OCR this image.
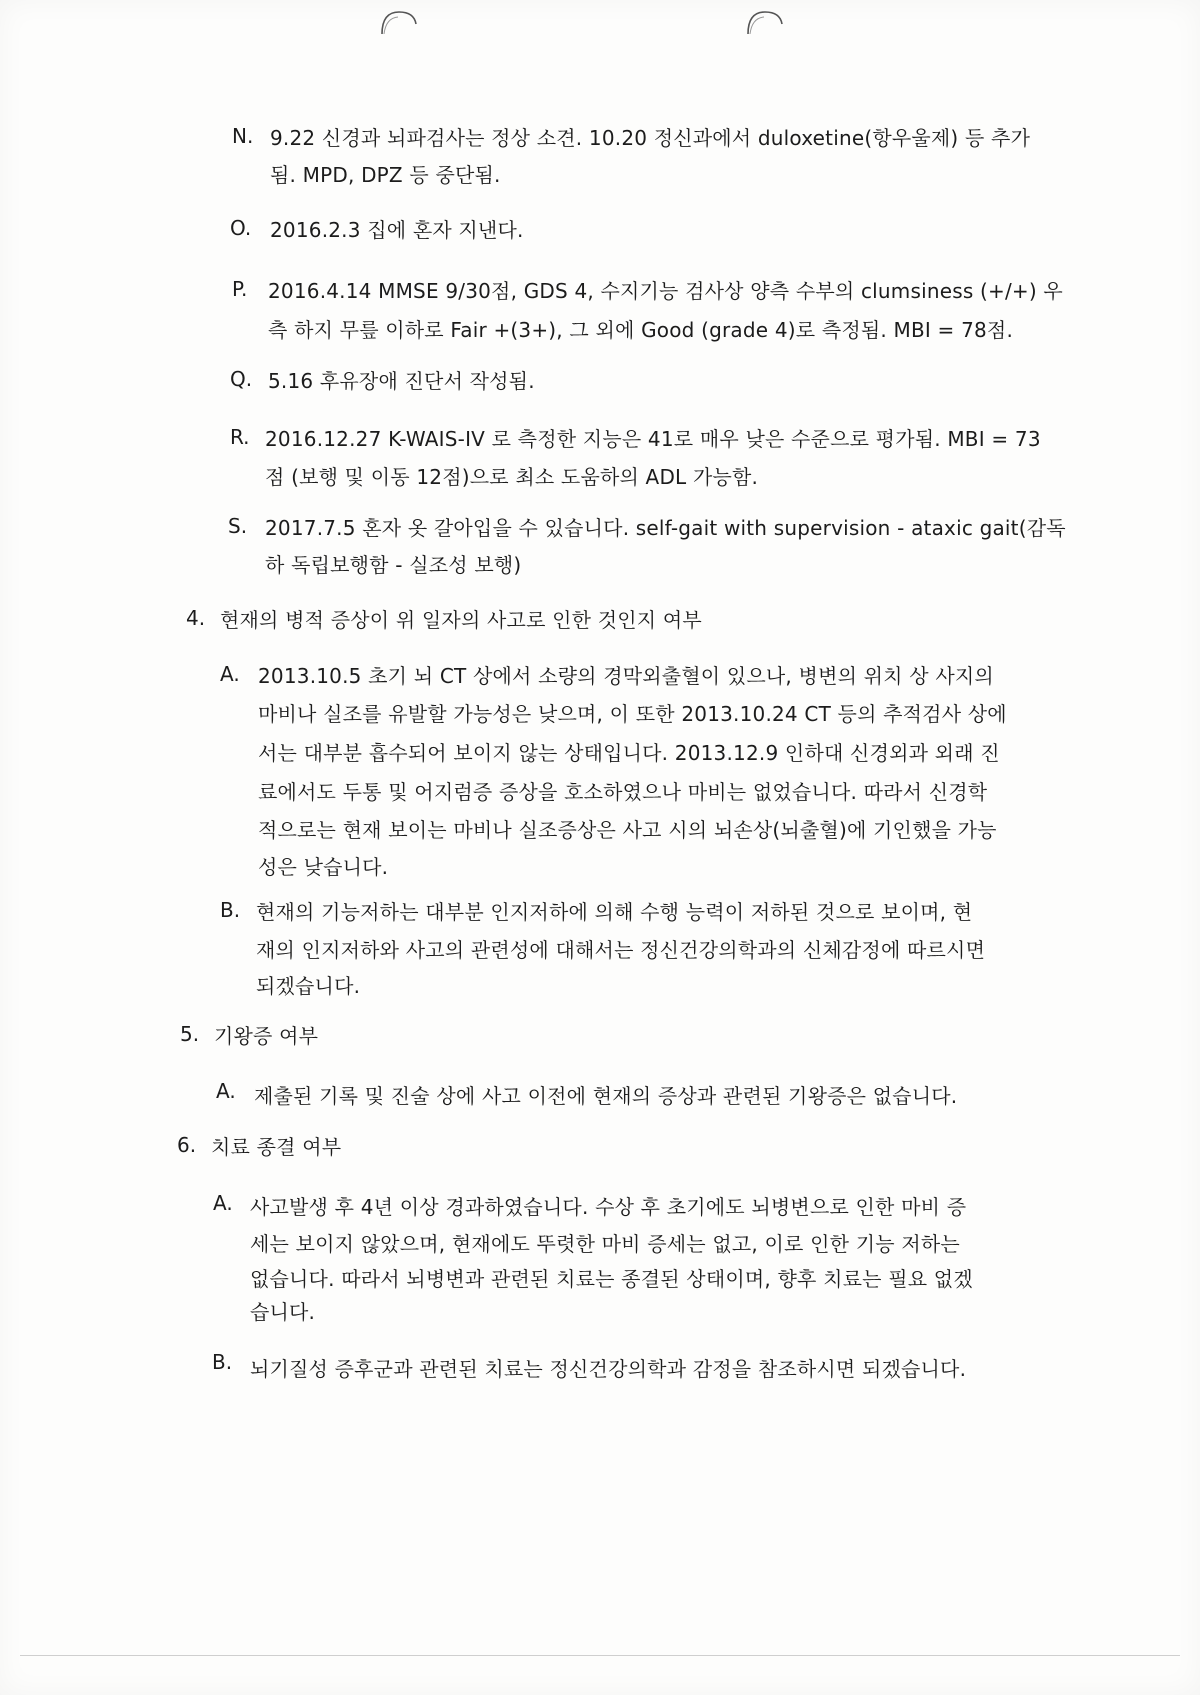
N. 9.22 신경과 뇌파검사는 정상 소견. 10.20 정신과에서 duloxetine(항우울제) 등 추가
됨. MPD, DPZ 등 중단됨.
O. 2016.2.3 집에 혼자 지낸다.
P. 2016.4.14 MMSE 9/30점, GDS 4, 수지기능 검사상 양측 수부의 clumsiness (+/+) 우
측 하지 무릎 이하로 Fair +(3+), 그 외에 Good (grade 4)로 측정됨. MBI = 78점.
Q. 5.16 후유장애 진단서 작성됨.
R. 2016.12.27 K-WAIS-IV 로 측정한 지능은 41로 매우 낮은 수준으로 평가됨. MBI = 73
점 (보행 및 이동 12점)으로 최소 도움하의 ADL 가능함.
S. 2017.7.5 혼자 옷 갈아입을 수 있습니다. self-gait with supervision - ataxic gait(감독
하 독립보행함 - 실조성 보행)
4. 현재의 병적 증상이 위 일자의 사고로 인한 것인지 여부
A. 2013.10.5 초기 뇌 CT 상에서 소량의 경막외출혈이 있으나, 병변의 위치 상 사지의
마비나 실조를 유발할 가능성은 낮으며, 이 또한 2013.10.24 CT 등의 추적검사 상에
서는 대부분 흡수되어 보이지 않는 상태입니다. 2013.12.9 인하대 신경외과 외래 진
료에서도 두통 및 어지럼증 증상을 호소하였으나 마비는 없었습니다. 따라서 신경학
적으로는 현재 보이는 마비나 실조증상은 사고 시의 뇌손상(뇌출혈)에 기인했을 가능
성은 낮습니다.
B. 현재의 기능저하는 대부분 인지저하에 의해 수행 능력이 저하된 것으로 보이며, 현
재의 인지저하와 사고의 관련성에 대해서는 정신건강의학과의 신체감정에 따르시면
되겠습니다.
5. 기왕증 여부
A. 제출된 기록 및 진술 상에 사고 이전에 현재의 증상과 관련된 기왕증은 없습니다.
6. 치료 종결 여부
A. 사고발생 후 4년 이상 경과하였습니다. 수상 후 초기에도 뇌병변으로 인한 마비 증
세는 보이지 않았으며, 현재에도 뚜렷한 마비 증세는 없고, 이로 인한 기능 저하는
없습니다. 따라서 뇌병변과 관련된 치료는 종결된 상태이며, 향후 치료는 필요 없겠
습니다.
B. 뇌기질성 증후군과 관련된 치료는 정신건강의학과 감정을 참조하시면 되겠습니다.
